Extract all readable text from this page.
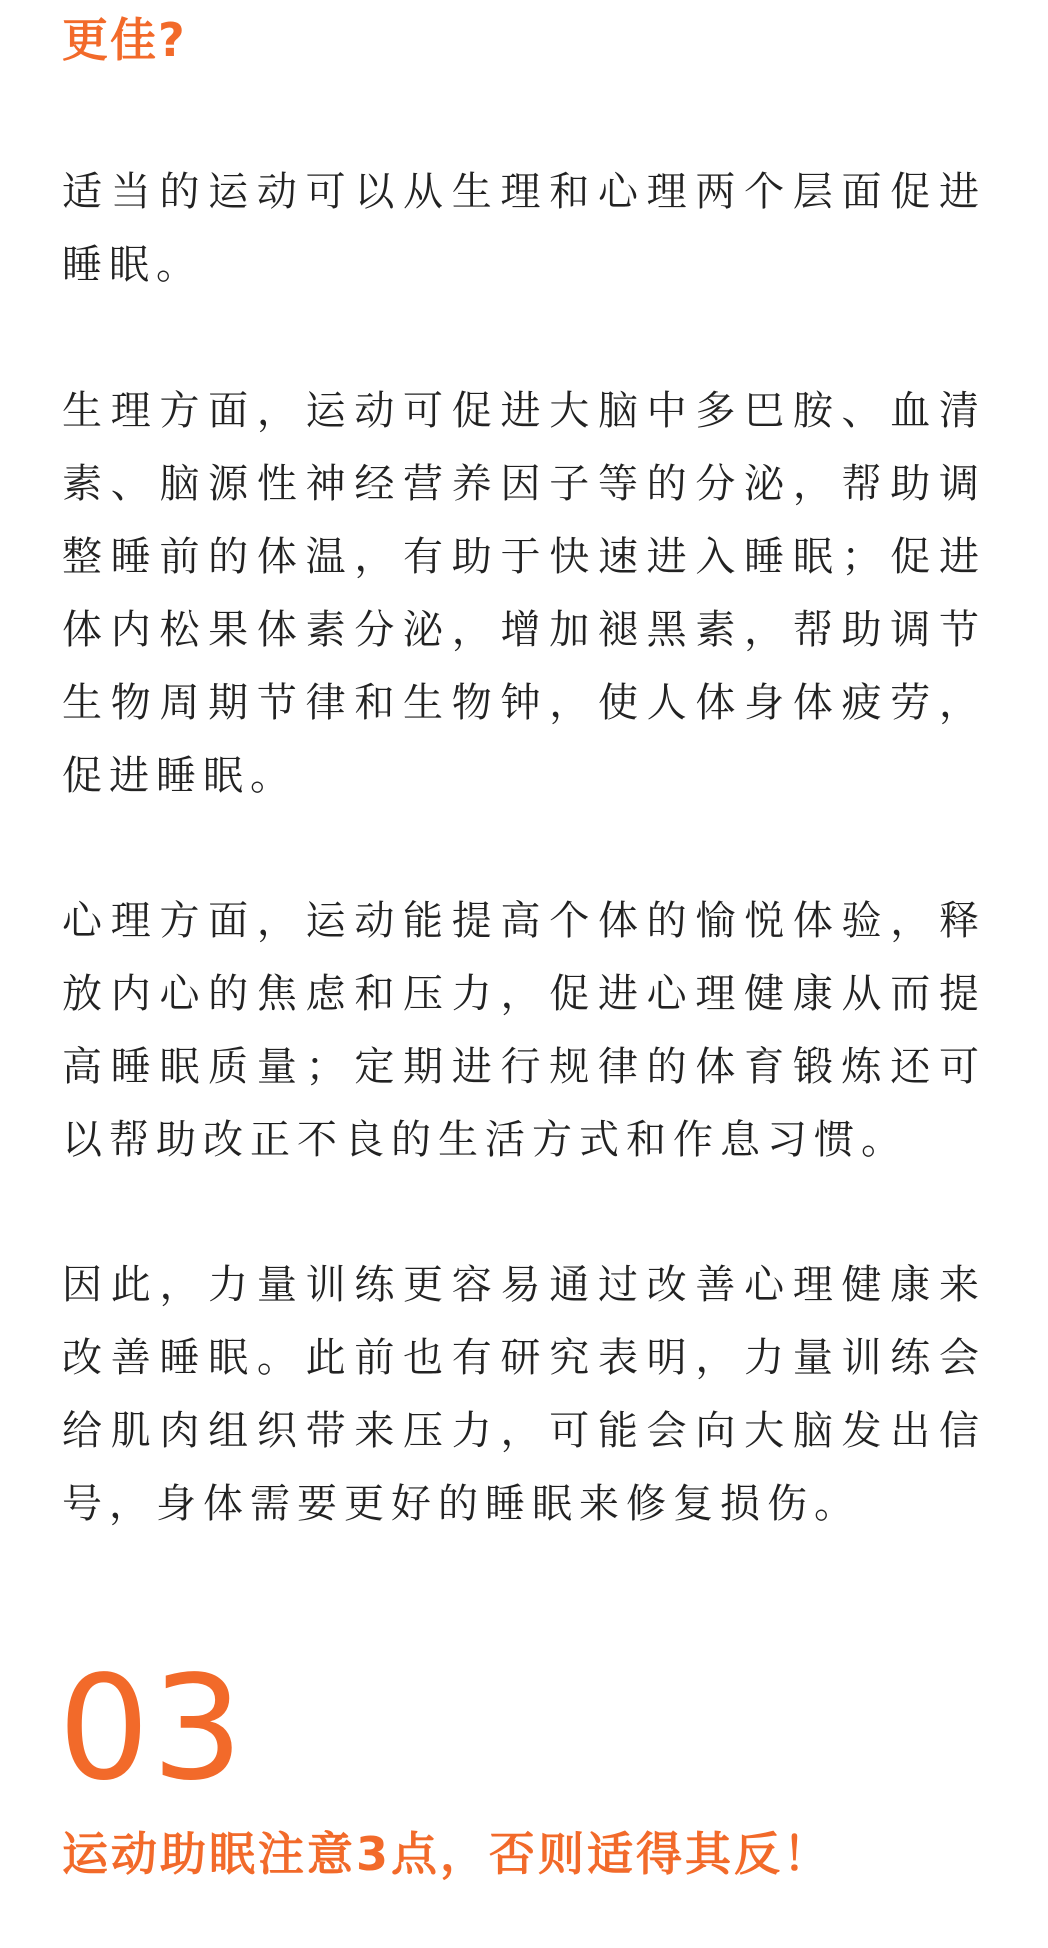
更佳?

适当的运动可以从生理和心理两个层面促进睡眠。

生理方面，运动可促进大脑中多巴胺、血清素、脑源性神经营养因子等的分泌，帮助调整睡前的体温，有助于快速进入睡眠；促进体内松果体素分泌，增加褪黑素，帮助调节生物周期节律和生物钟，使人体身体疲劳，促进睡眠。

心理方面，运动能提高个体的愉悦体验，释放内心的焦虑和压力，促进心理健康从而提高睡眠质量；定期进行规律的体育锻炼还可以帮助改正不良的生活方式和作息习惯。

因此，力量训练更容易通过改善心理健康来改善睡眠。此前也有研究表明，力量训练会给肌肉组织带来压力，可能会向大脑发出信号，身体需要更好的睡眠来修复损伤。

03
运动助眠注意3点，否则适得其反！
